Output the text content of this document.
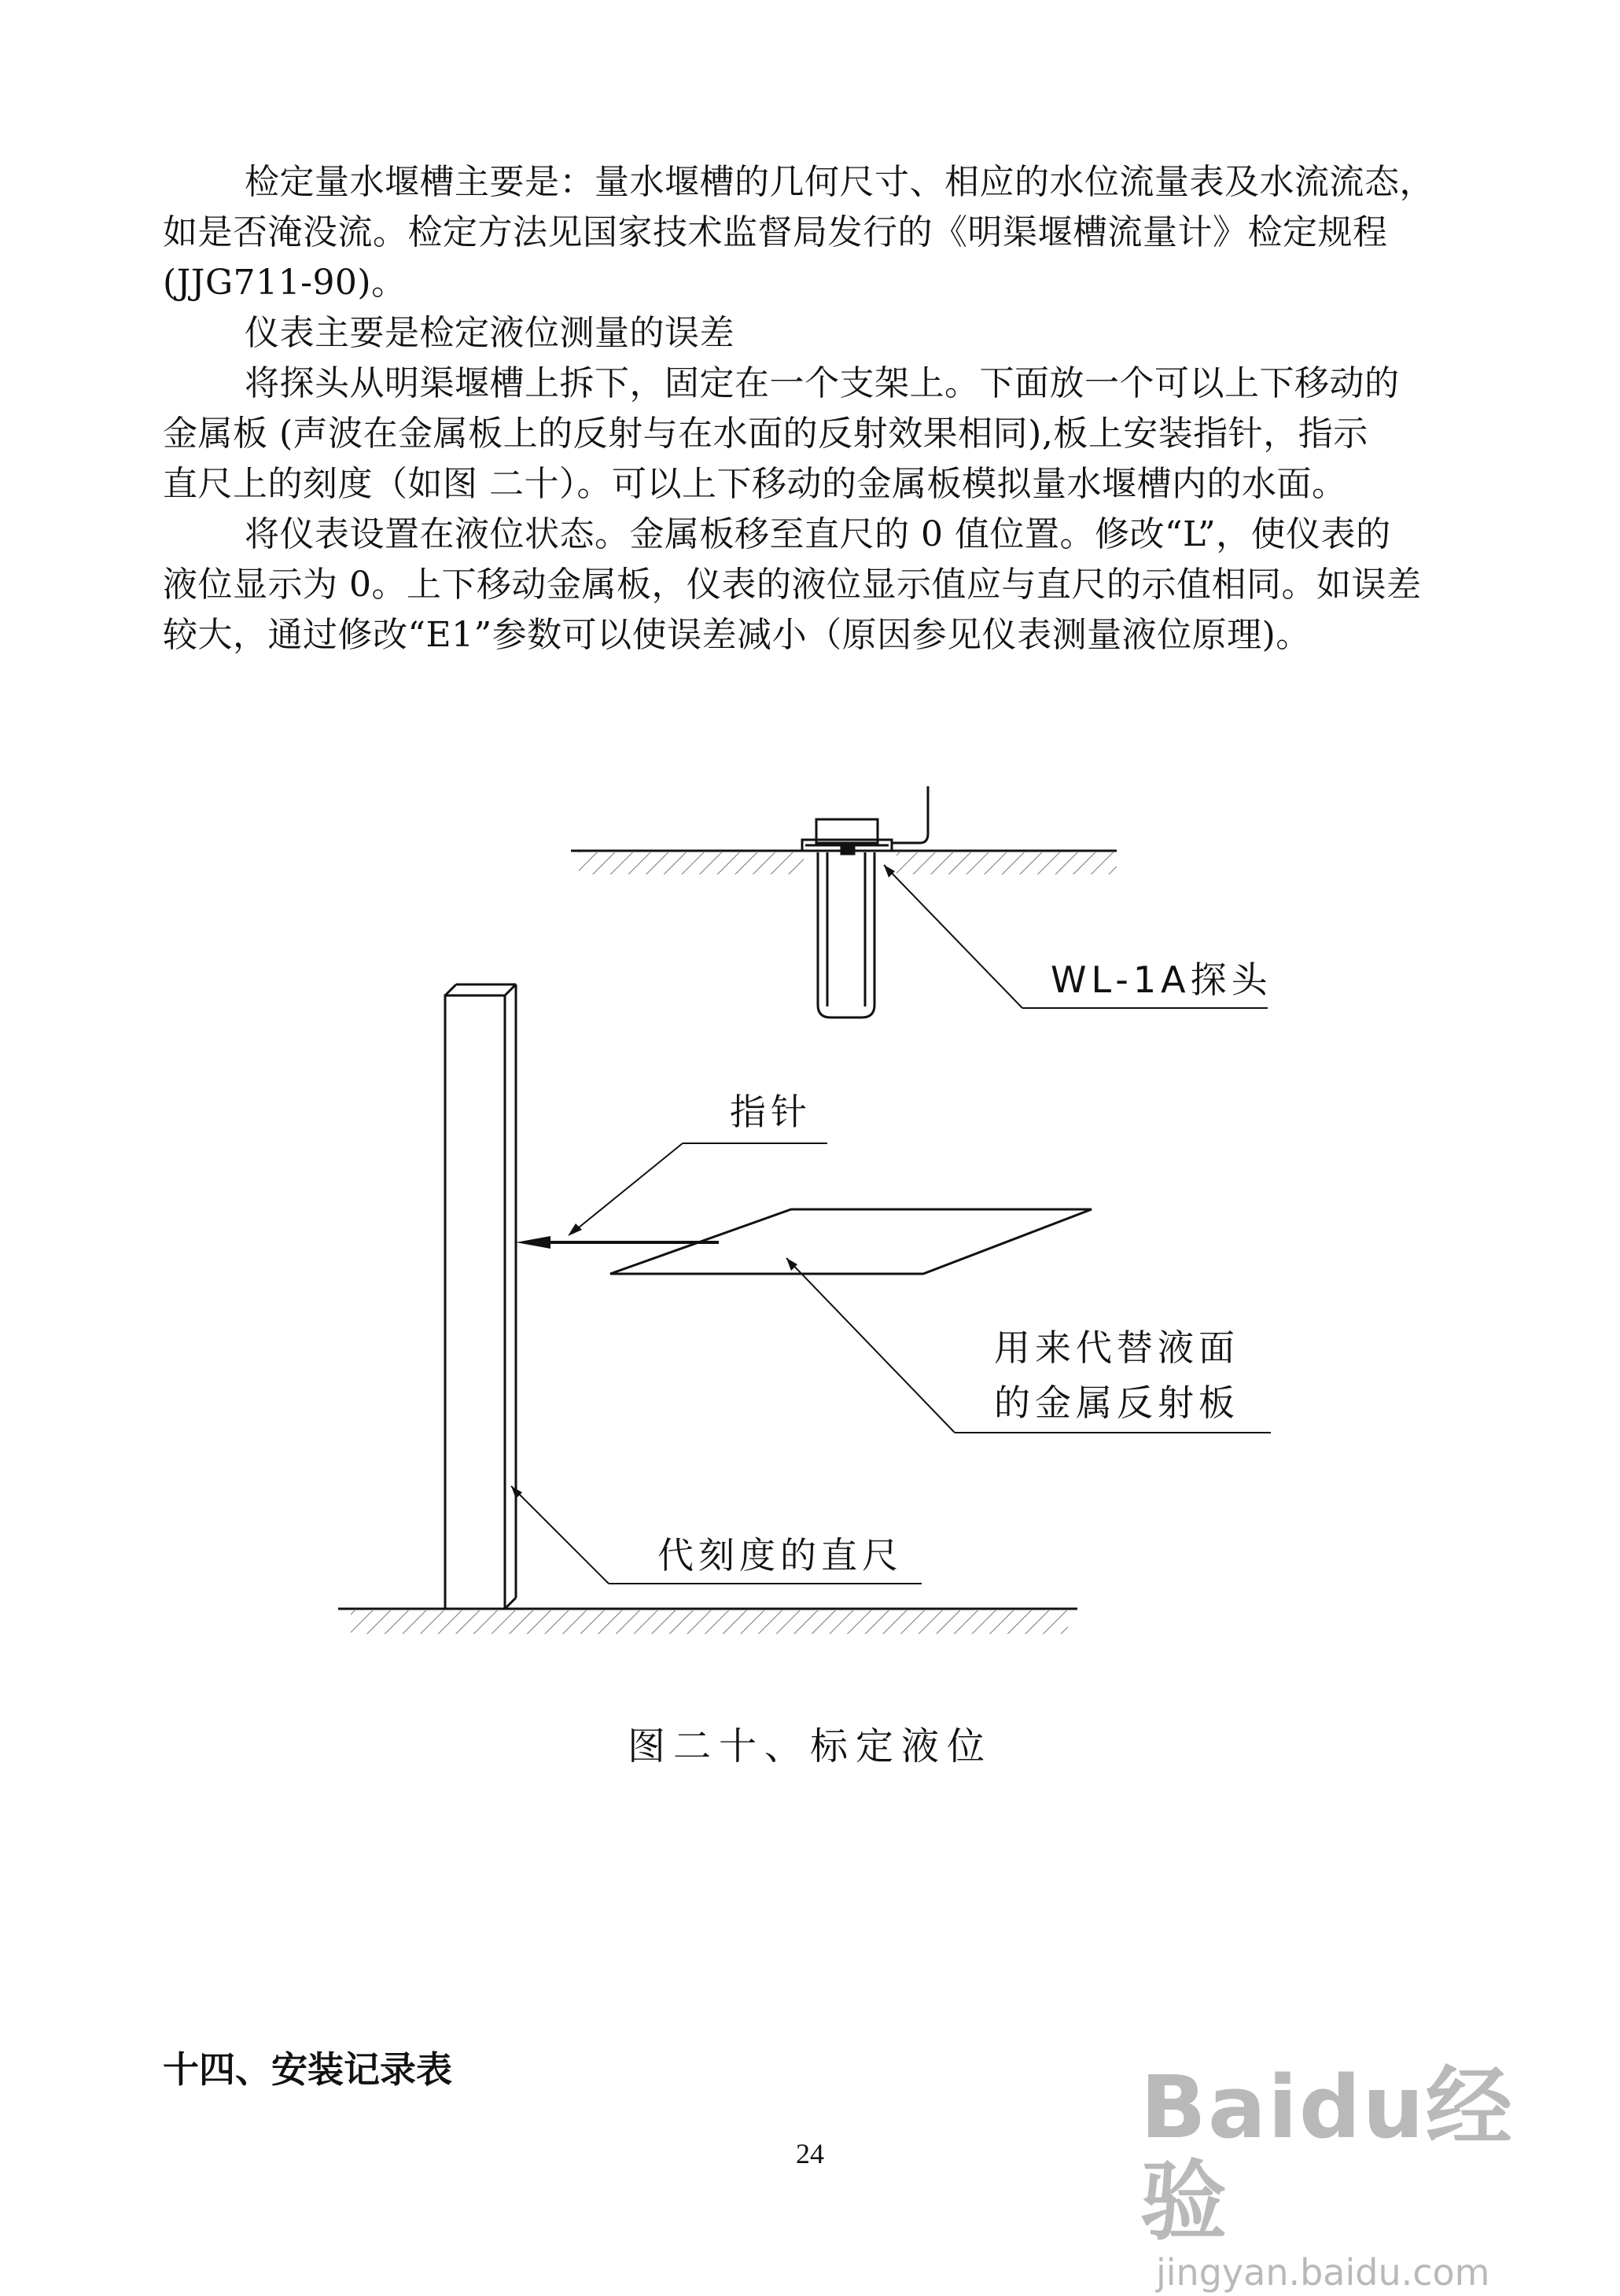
检定量水堰槽主要是：量水堰槽的几何尺寸、相应的水位流量表及水流流态，
如是否淹没流。检定方法见国家技术监督局发行的《明渠堰槽流量计》检定规程
(JJG711-90)。
仪表主要是检定液位测量的误差
将探头从明渠堰槽上拆下，固定在一个支架上。下面放一个可以上下移动的
金属板 (声波在金属板上的反射与在水面的反射效果相同),板上安装指针，指示
直尺上的刻度（如图 二十）。可以上下移动的金属板模拟量水堰槽内的水面。
将仪表设置在液位状态。金属板移至直尺的 0 值位置。修改“L”，使仪表的
液位显示为 0。上下移动金属板，仪表的液位显示值应与直尺的示值相同。如误差
较大，通过修改“E1”参数可以使误差减小（原因参见仪表测量液位原理)。
WL-1A探头
指针
用来代替液面
的金属反射板
代刻度的直尺
图二十、标定液位
十四、安装记录表
24	Baidu经验
jingyan.baidu.com
